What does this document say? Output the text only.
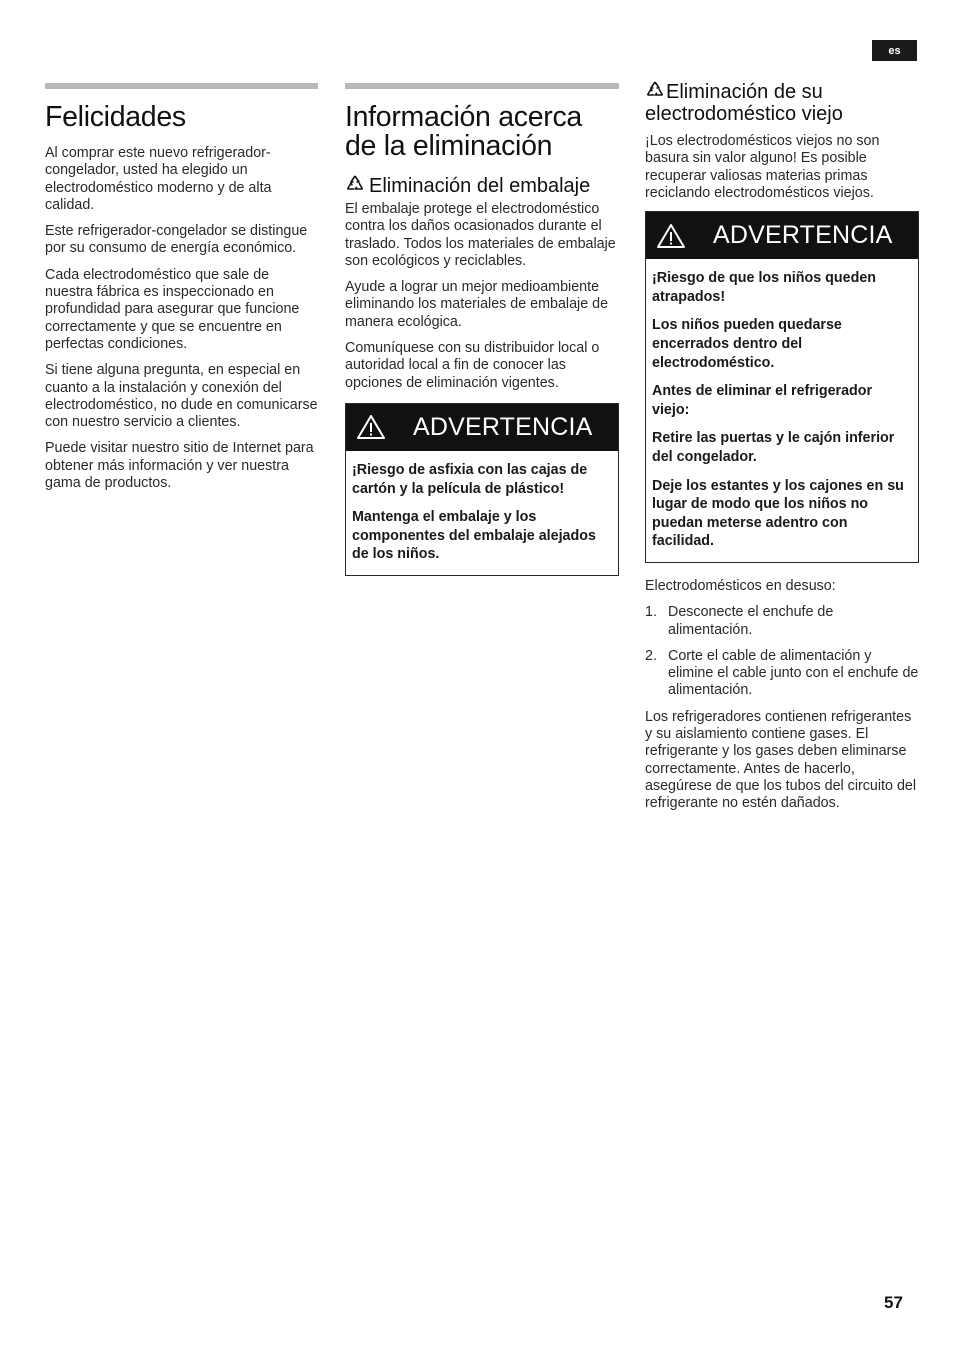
es
Felicidades

Al comprar este nuevo refrigerador-congelador, usted ha elegido un electrodoméstico moderno y de alta calidad.

Este refrigerador-congelador se distingue por su consumo de energía económico.

Cada electrodoméstico que sale de nuestra fábrica es inspeccionado en profundidad para asegurar que funcione correctamente y que se encuentre en perfectas condiciones.

Si tiene alguna pregunta, en especial en cuanto a la instalación y conexión del electrodoméstico, no dude en comunicarse con nuestro servicio a clientes.

Puede visitar nuestro sitio de Internet para obtener más información y ver nuestra gama de productos.

Información acerca de la eliminación
Eliminación del embalaje

El embalaje protege el electrodoméstico contra los daños ocasionados durante el traslado. Todos los materiales de embalaje son ecológicos y reciclables.

Ayude a lograr un mejor medioambiente eliminando los materiales de embalaje de manera ecológica.

Comuníquese con su distribuidor local o autoridad local a fin de conocer las opciones de eliminación vigentes.

ADVERTENCIA

¡Riesgo de asfixia con las cajas de cartón y la película de plástico!

Mantenga el embalaje y los componentes del embalaje alejados de los niños.

Eliminación de su electrodoméstico viejo

¡Los electrodomésticos viejos no son basura sin valor alguno! Es posible recuperar valiosas materias primas reciclando electrodomésticos viejos.

ADVERTENCIA

¡Riesgo de que los niños queden atrapados!

Los niños pueden quedarse encerrados dentro del electrodoméstico.

Antes de eliminar el refrigerador viejo:

Retire las puertas y le cajón inferior del congelador.

Deje los estantes y los cajones en su lugar de modo que los niños no puedan meterse adentro con facilidad.

Electrodomésticos en desuso:

1. Desconecte el enchufe de alimentación.
2. Corte el cable de alimentación y elimine el cable junto con el enchufe de alimentación.

Los refrigeradores contienen refrigerantes y su aislamiento contiene gases. El refrigerante y los gases deben eliminarse correctamente. Antes de hacerlo, asegúrese de que los tubos del circuito del refrigerante no estén dañados.

57
